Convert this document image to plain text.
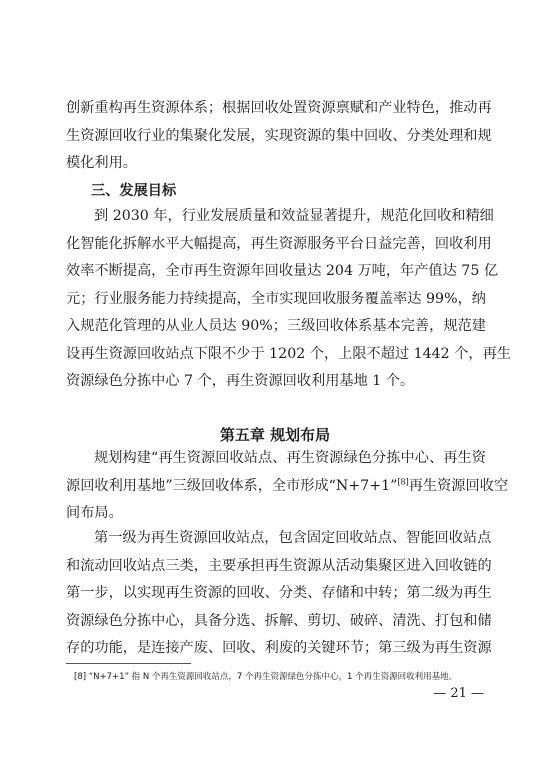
创新重构再生资源体系；根据回收处置资源禀赋和产业特色，推动再
生资源回收行业的集聚化发展，实现资源的集中回收、分类处理和规
模化利用。

三、发展目标

到 2030 年，行业发展质量和效益显著提升，规范化回收和精细
化智能化拆解水平大幅提高，再生资源服务平台日益完善，回收利用
效率不断提高，全市再生资源年回收量达 204 万吨，年产值达 75 亿
元；行业服务能力持续提高，全市实现回收服务覆盖率达 99%，纳
入规范化管理的从业人员达 90%；三级回收体系基本完善，规范建
设再生资源回收站点下限不少于 1202 个，上限不超过 1442 个，再生
资源绿色分拣中心 7 个，再生资源回收利用基地 1 个。

第五章 规划布局

规划构建“再生资源回收站点、再生资源绿色分拣中心、再生资
源回收利用基地”三级回收体系，全市形成“N+7+1”[8]再生资源回收空
间布局。

第一级为再生资源回收站点，包含固定回收站点、智能回收站点
和流动回收站点三类，主要承担再生资源从活动集聚区进入回收链的
第一步，以实现再生资源的回收、分类、存储和中转；第二级为再生
资源绿色分拣中心，具备分选、拆解、剪切、破碎、清洗、打包和储
存的功能，是连接产废、回收、利废的关键环节；第三级为再生资源

[8] “N+7+1” 指 N 个再生资源回收站点，7 个再生资源绿色分拣中心，1 个再生资源回收利用基地。
— 21 —
